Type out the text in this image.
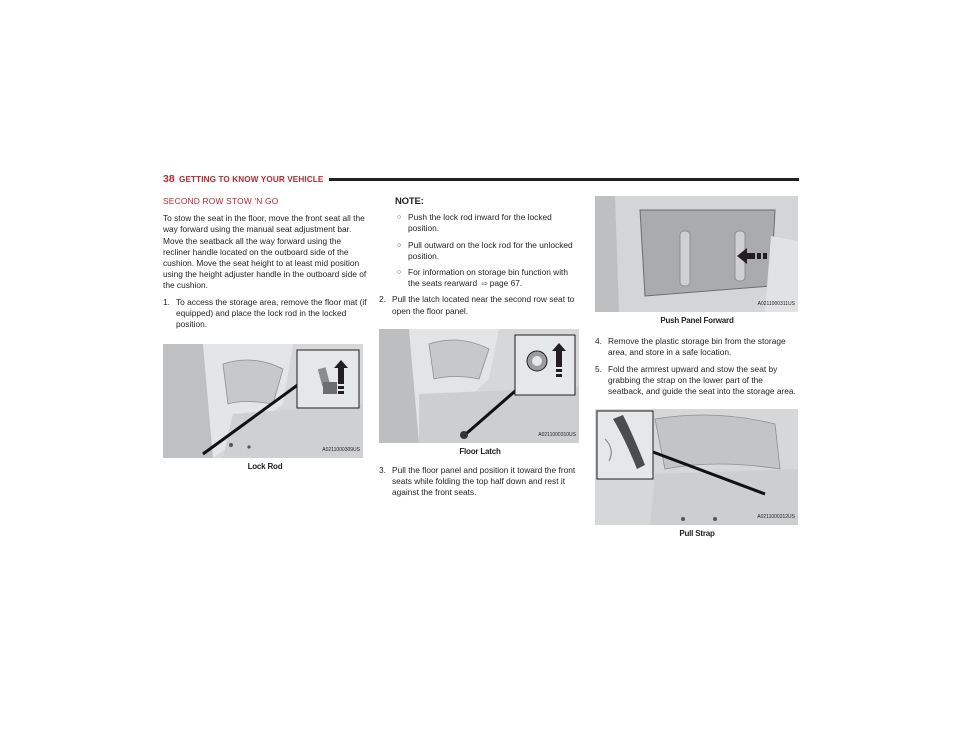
38 GETTING TO KNOW YOUR VEHICLE
SECOND ROW STOW 'N GO

To stow the seat in the floor, move the front seat all the way forward using the manual seat adjustment bar. Move the seatback all the way forward using the recliner handle located on the outboard side of the cushion. Move the seat height to at least mid position using the height adjuster handle in the outboard side of the cushion.

1. To access the storage area, remove the floor mat (if equipped) and place the lock rod in the locked position.
A0211000309US
Lock Rod
NOTE:
○ Push the lock rod inward for the locked position.
○ Pull outward on the lock rod for the unlocked position.
○ For information on storage bin function with the seats rearward ⇨ page 67.
2. Pull the latch located near the second row seat to open the floor panel.
A0211000310US
Floor Latch
3. Pull the floor panel and position it toward the front seats while folding the top half down and rest it against the front seats.
A0211000311US
Push Panel Forward
4. Remove the plastic storage bin from the storage area, and store in a safe location.
5. Fold the armrest upward and stow the seat by grabbing the strap on the lower part of the seatback, and guide the seat into the storage area.
A0211000312US
Pull Strap
